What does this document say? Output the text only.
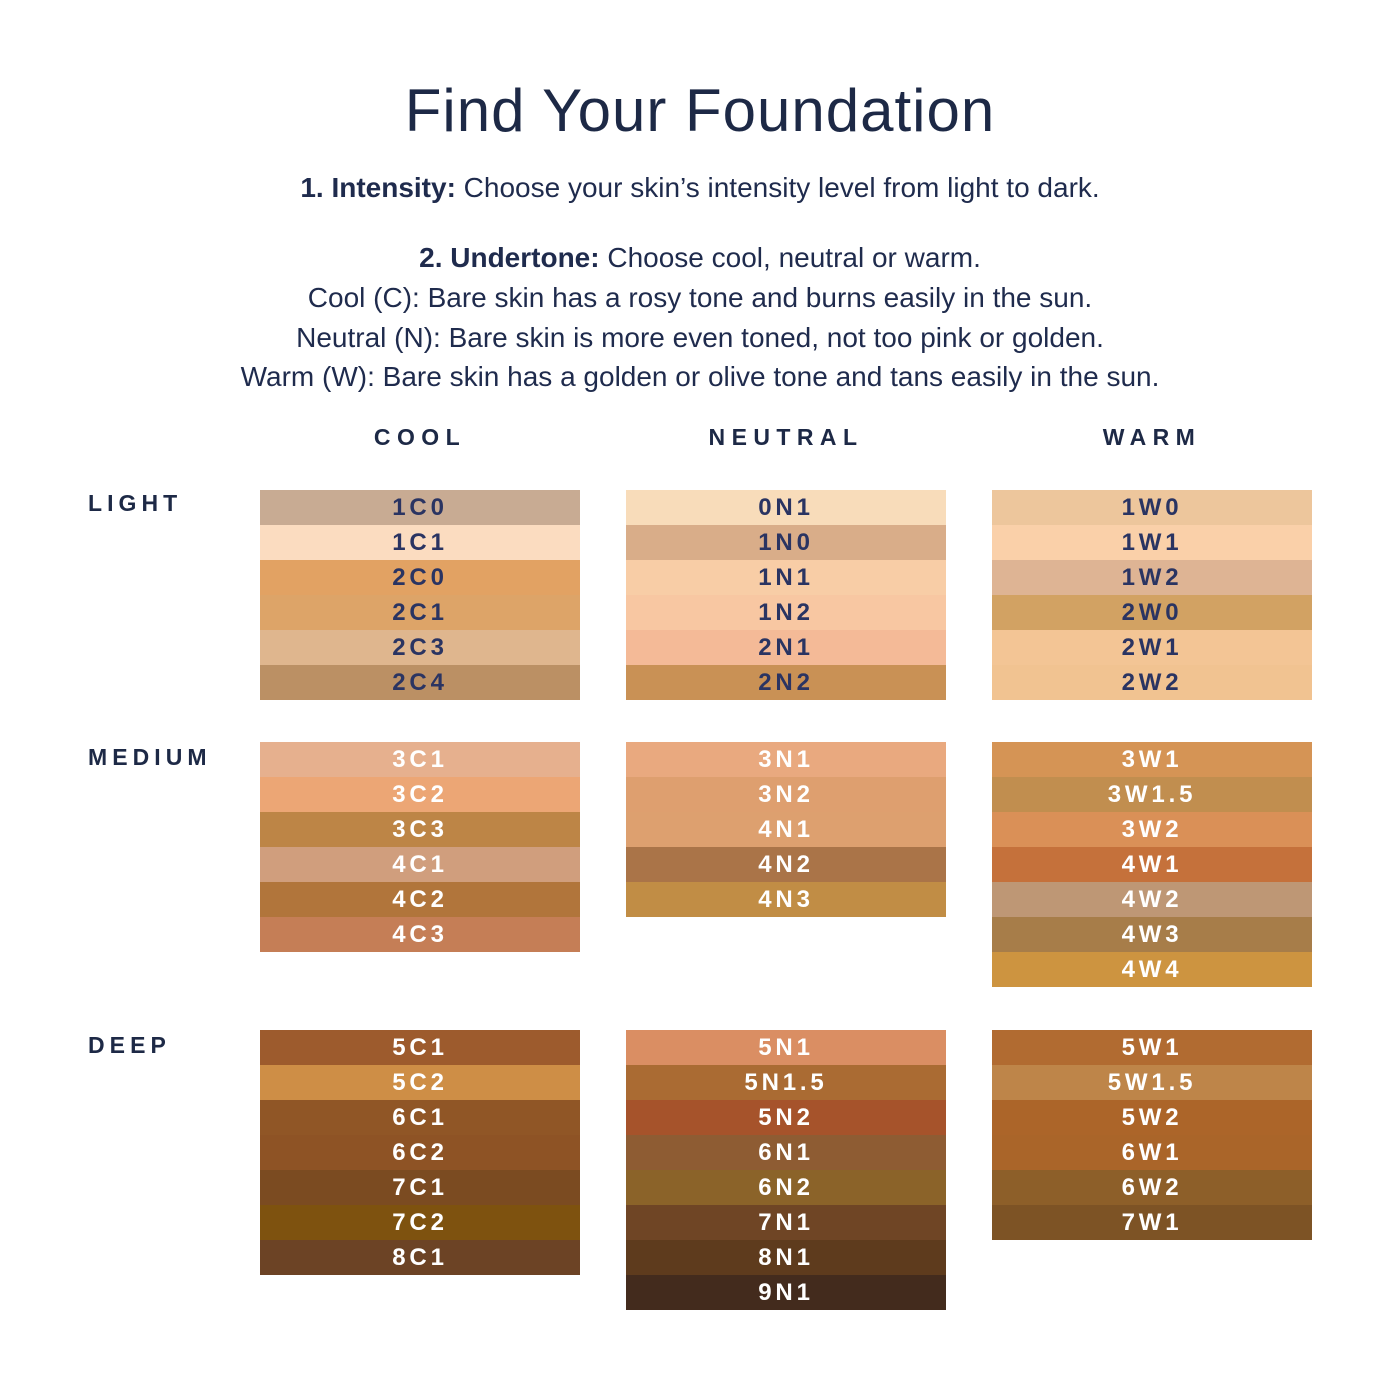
Find Your Foundation

1. Intensity: Choose your skin’s intensity level from light to dark.

2. Undertone: Choose cool, neutral or warm.

Cool (C): Bare skin has a rosy tone and burns easily in the sun.

Neutral (N): Bare skin is more even toned, not too pink or golden.

Warm (W): Bare skin has a golden or olive tone and tans easily in the sun.

COOL	NEUTRAL	WARM
LIGHT
MEDIUM
DEEP
1C0
1C1
2C0
2C1
2C3
2C4
0N1
1N0
1N1
1N2
2N1
2N2
1W0
1W1
1W2
2W0
2W1
2W2
3C1
3C2
3C3
4C1
4C2
4C3
3N1
3N2
4N1
4N2
4N3
3W1
3W1.5
3W2
4W1
4W2
4W3
4W4
5C1
5C2
6C1
6C2
7C1
7C2
8C1
5N1
5N1.5
5N2
6N1
6N2
7N1
8N1
9N1
5W1
5W1.5
5W2
6W1
6W2
7W1
